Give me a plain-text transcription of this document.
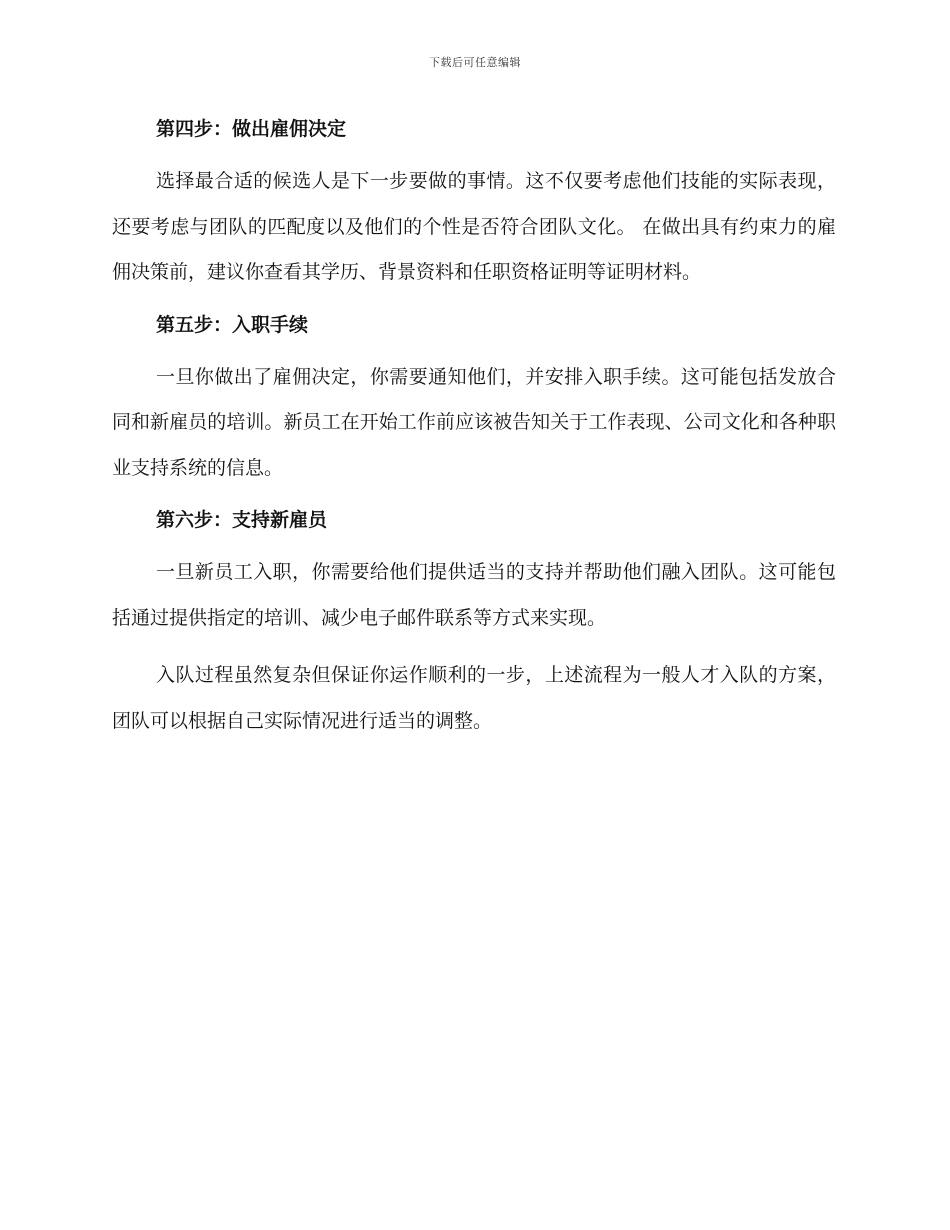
下载后可任意编辑
第四步：做出雇佣决定
选择最合适的候选人是下一步要做的事情。这不仅要考虑他们技能的实际表现，还要考虑与团队的匹配度以及他们的个性是否符合团队文化。 在做出具有约束力的雇佣决策前，建议你查看其学历、背景资料和任职资格证明等证明材料。
第五步：入职手续
一旦你做出了雇佣决定，你需要通知他们，并安排入职手续。这可能包括发放合同和新雇员的培训。新员工在开始工作前应该被告知关于工作表现、公司文化和各种职业支持系统的信息。
第六步：支持新雇员
一旦新员工入职，你需要给他们提供适当的支持并帮助他们融入团队。这可能包括通过提供指定的培训、减少电子邮件联系等方式来实现。
入队过程虽然复杂但保证你运作顺利的一步，上述流程为一般人才入队的方案，团队可以根据自己实际情况进行适当的调整。
